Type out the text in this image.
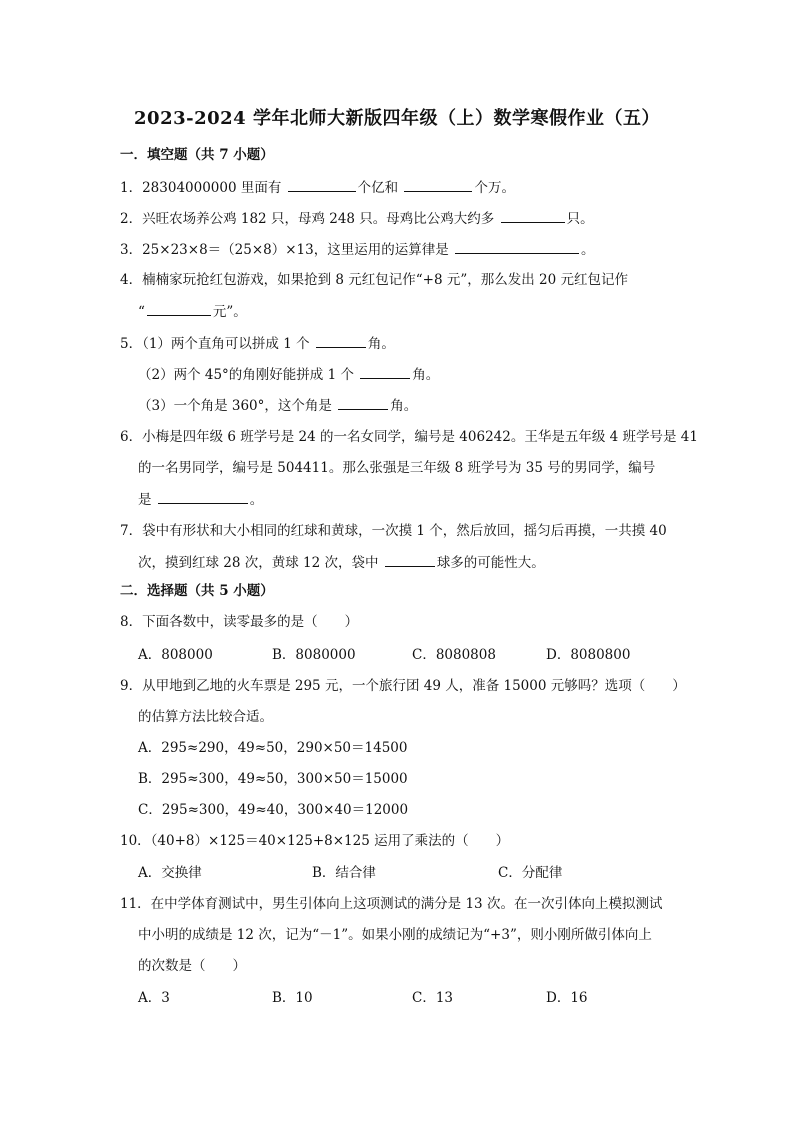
2023-2024 学年北师大新版四年级（上）数学寒假作业（五）
一．填空题（共 7 小题）
1．28304000000 里面有	个亿和	个万。
2．兴旺农场养公鸡 182 只，母鸡 248 只。母鸡比公鸡大约多	只。
3．25×23×8＝（25×8）×13，这里运用的运算律是	。
4．楠楠家玩抢红包游戏，如果抢到 8 元红包记作“+8 元”，那么发出 20 元红包记作
“	元”。
5．（1）两个直角可以拼成 1 个	角。
（2）两个 45°的角刚好能拼成 1 个	角。
（3）一个角是 360°，这个角是	角。
6．小梅是四年级 6 班学号是 24 的一名女同学，编号是 406242。王华是五年级 4 班学号是 41
的一名男同学，编号是 504411。那么张强是三年级 8 班学号为 35 号的男同学，编号
是	。
7．袋中有形状和大小相同的红球和黄球，一次摸 1 个，然后放回，摇匀后再摸，一共摸 40
次，摸到红球 28 次，黄球 12 次，袋中	球多的可能性大。
二．选择题（共 5 小题）
8．下面各数中，读零最多的是（　　）
A．808000	B．8080000	C．8080808	D．8080800
9．从甲地到乙地的火车票是 295 元，一个旅行团 49 人，准备 15000 元够吗？选项（　　）
的估算方法比较合适。
A．295≈290，49≈50，290×50＝14500
B．295≈300，49≈50，300×50＝15000
C．295≈300，49≈40，300×40＝12000
10．（40+8）×125＝40×125+8×125 运用了乘法的（　　）
A．交换律	B．结合律	C．分配律
11．在中学体育测试中，男生引体向上这项测试的满分是 13 次。在一次引体向上模拟测试
中小明的成绩是 12 次，记为“－1”。如果小刚的成绩记为“+3”，则小刚所做引体向上
的次数是（　　）
A．3	B．10	C．13	D．16
